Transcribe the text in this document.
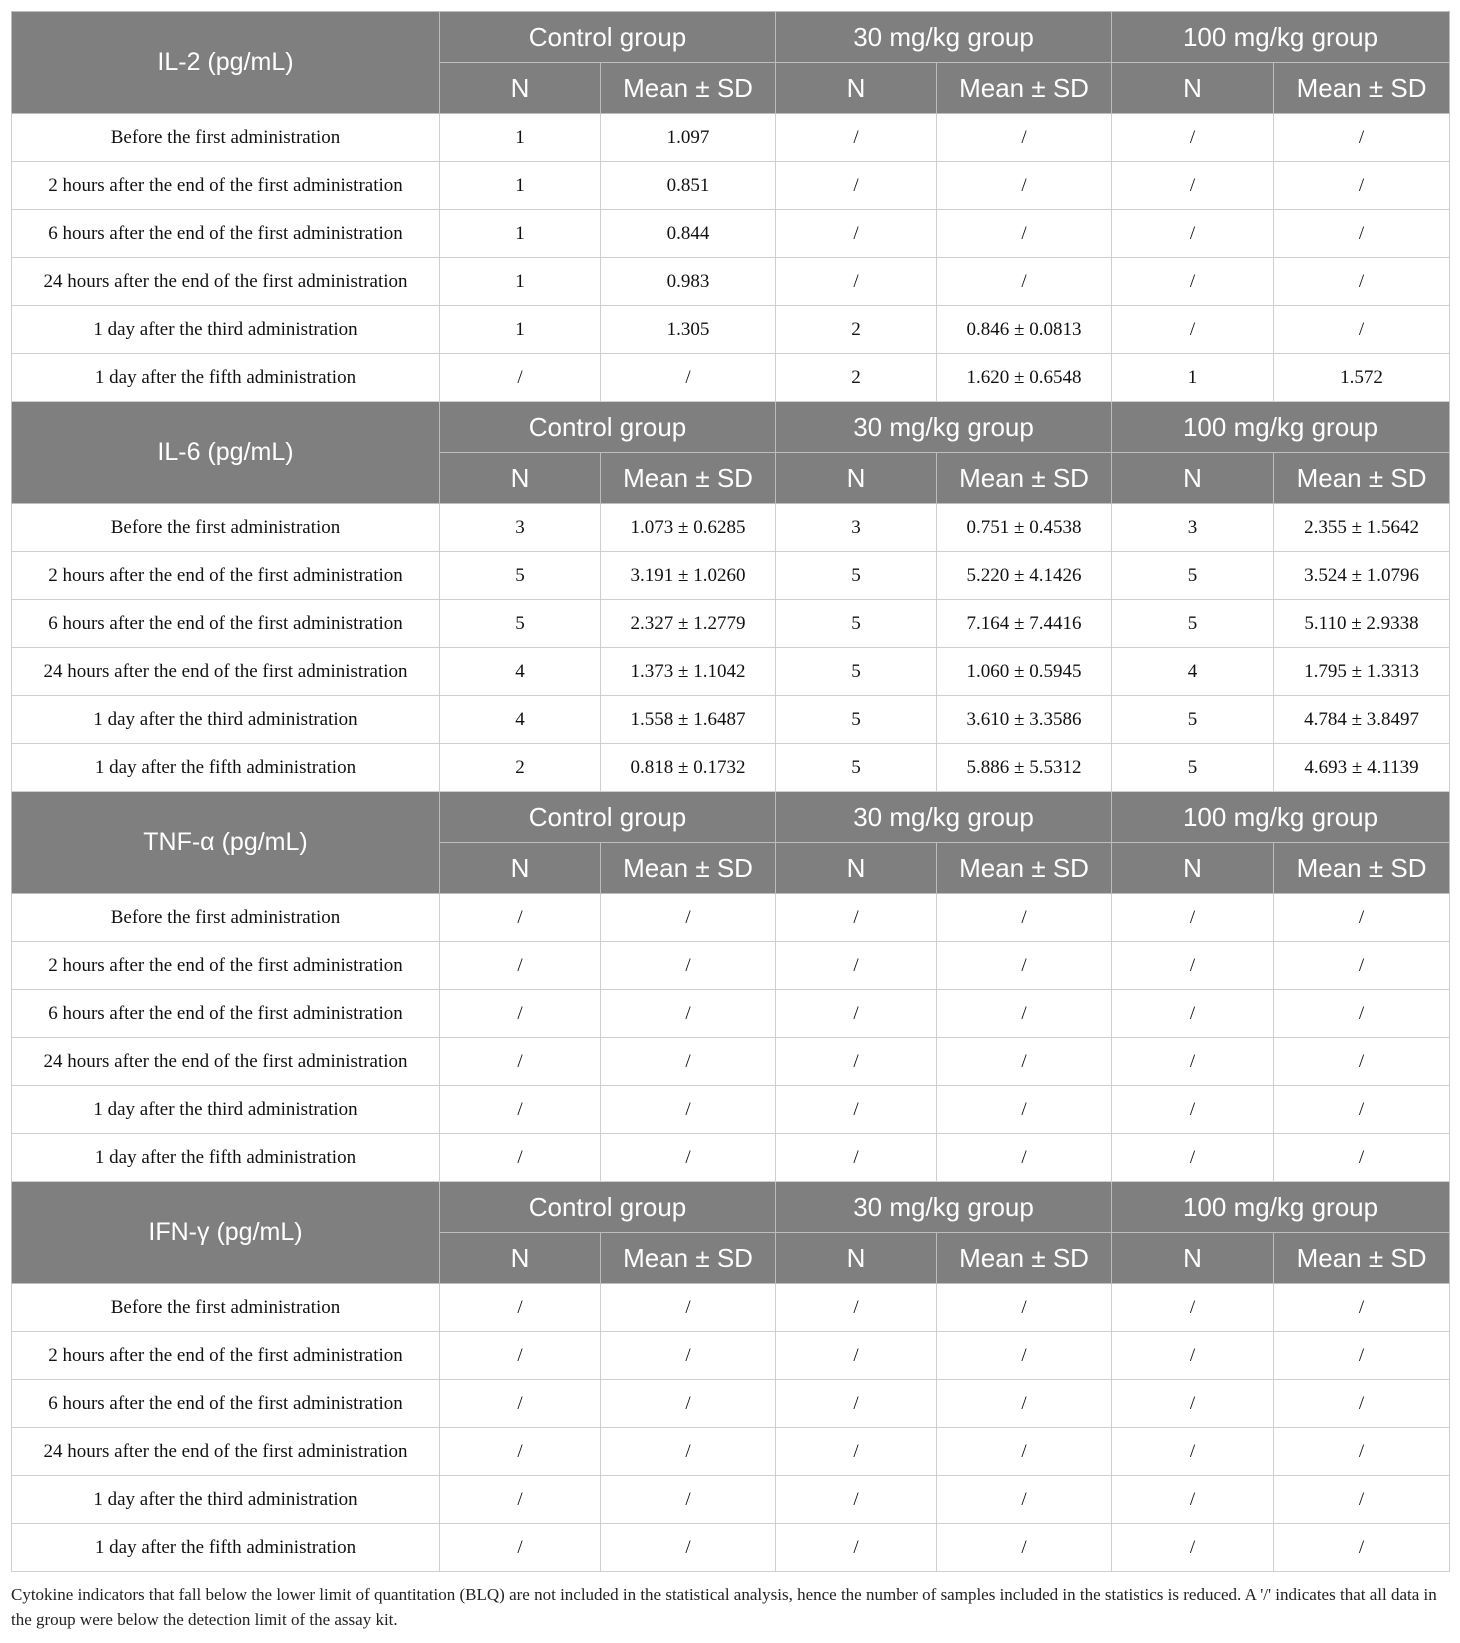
IL-2 (pg/mL)	Control group		30 mg/kg group		100 mg/kg group	
	N	Mean ± SD	N	Mean ± SD	N	Mean ± SD
Before the first administration	1	1.097	/	/	/	/
2 hours after the end of the first administration	1	0.851	/	/	/	/
6 hours after the end of the first administration	1	0.844	/	/	/	/
24 hours after the end of the first administration	1	0.983	/	/	/	/
1 day after the third administration	1	1.305	2	0.846 ± 0.0813	/	/
1 day after the fifth administration	/	/	2	1.620 ± 0.6548	1	1.572
IL-6 (pg/mL)	Control group		30 mg/kg group		100 mg/kg group	
	N	Mean ± SD	N	Mean ± SD	N	Mean ± SD
Before the first administration	3	1.073 ± 0.6285	3	0.751 ± 0.4538	3	2.355 ± 1.5642
2 hours after the end of the first administration	5	3.191 ± 1.0260	5	5.220 ± 4.1426	5	3.524 ± 1.0796
6 hours after the end of the first administration	5	2.327 ± 1.2779	5	7.164 ± 7.4416	5	5.110 ± 2.9338
24 hours after the end of the first administration	4	1.373 ± 1.1042	5	1.060 ± 0.5945	4	1.795 ± 1.3313
1 day after the third administration	4	1.558 ± 1.6487	5	3.610 ± 3.3586	5	4.784 ± 3.8497
1 day after the fifth administration	2	0.818 ± 0.1732	5	5.886 ± 5.5312	5	4.693 ± 4.1139
TNF-α (pg/mL)	Control group		30 mg/kg group		100 mg/kg group	
	N	Mean ± SD	N	Mean ± SD	N	Mean ± SD
Before the first administration	/	/	/	/	/	/
2 hours after the end of the first administration	/	/	/	/	/	/
6 hours after the end of the first administration	/	/	/	/	/	/
24 hours after the end of the first administration	/	/	/	/	/	/
1 day after the third administration	/	/	/	/	/	/
1 day after the fifth administration	/	/	/	/	/	/
IFN-γ (pg/mL)	Control group		30 mg/kg group		100 mg/kg group	
	N	Mean ± SD	N	Mean ± SD	N	Mean ± SD
Before the first administration	/	/	/	/	/	/
2 hours after the end of the first administration	/	/	/	/	/	/
6 hours after the end of the first administration	/	/	/	/	/	/
24 hours after the end of the first administration	/	/	/	/	/	/
1 day after the third administration	/	/	/	/	/	/
1 day after the fifth administration	/	/	/	/	/	/
Cytokine indicators that fall below the lower limit of quantitation (BLQ) are not included in the statistical analysis, hence the number of samples included in the statistics is reduced. A '/' indicates that all data in the group were below the detection limit of the assay kit.
